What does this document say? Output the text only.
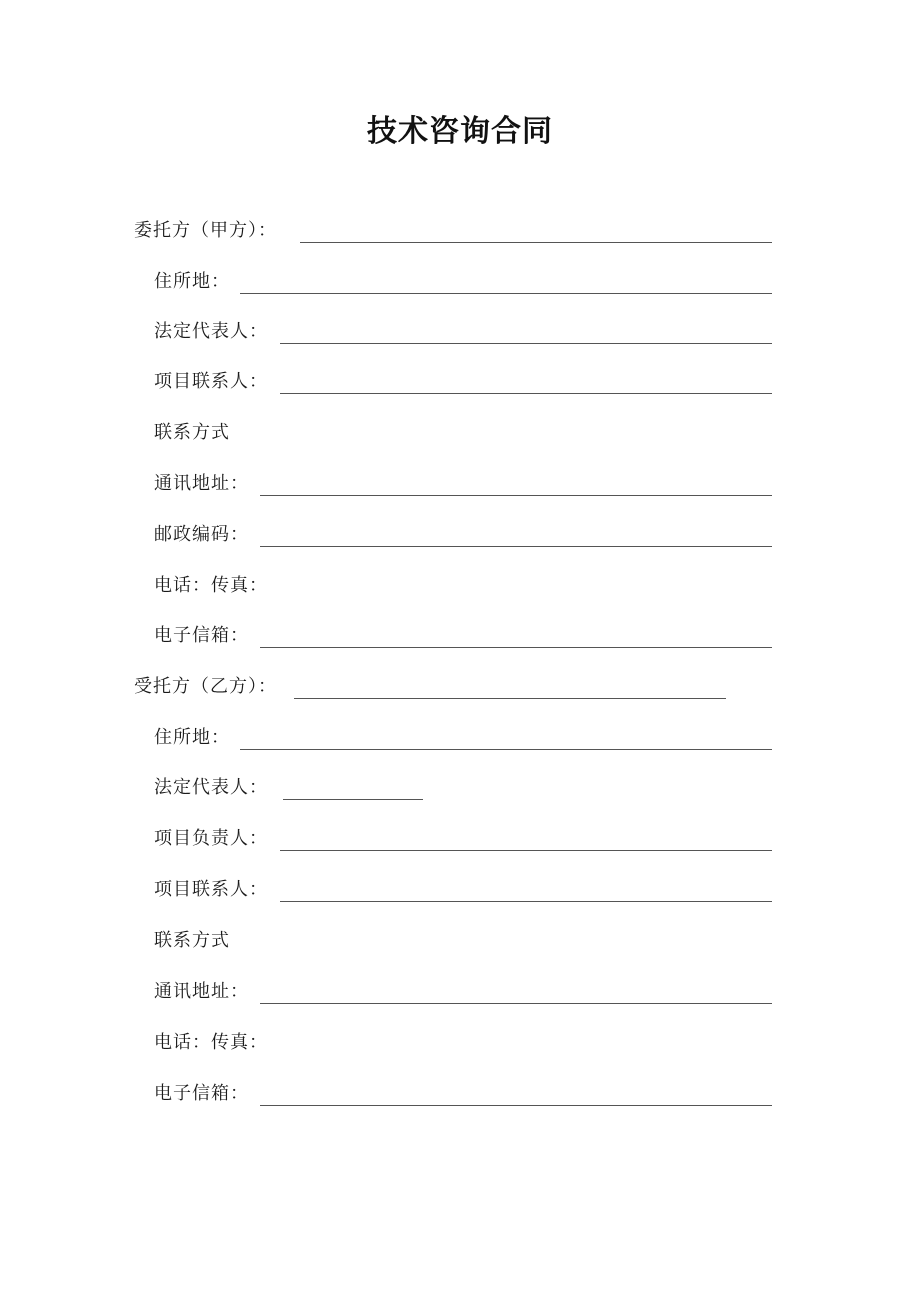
技术咨询合同
委托方（甲方）：
住所地：
法定代表人：
项目联系人：
联系方式
通讯地址：
邮政编码：
电话：传真：
电子信箱：
受托方（乙方）：
住所地：
法定代表人：
项目负责人：
项目联系人：
联系方式
通讯地址：
电话：传真：
电子信箱：
